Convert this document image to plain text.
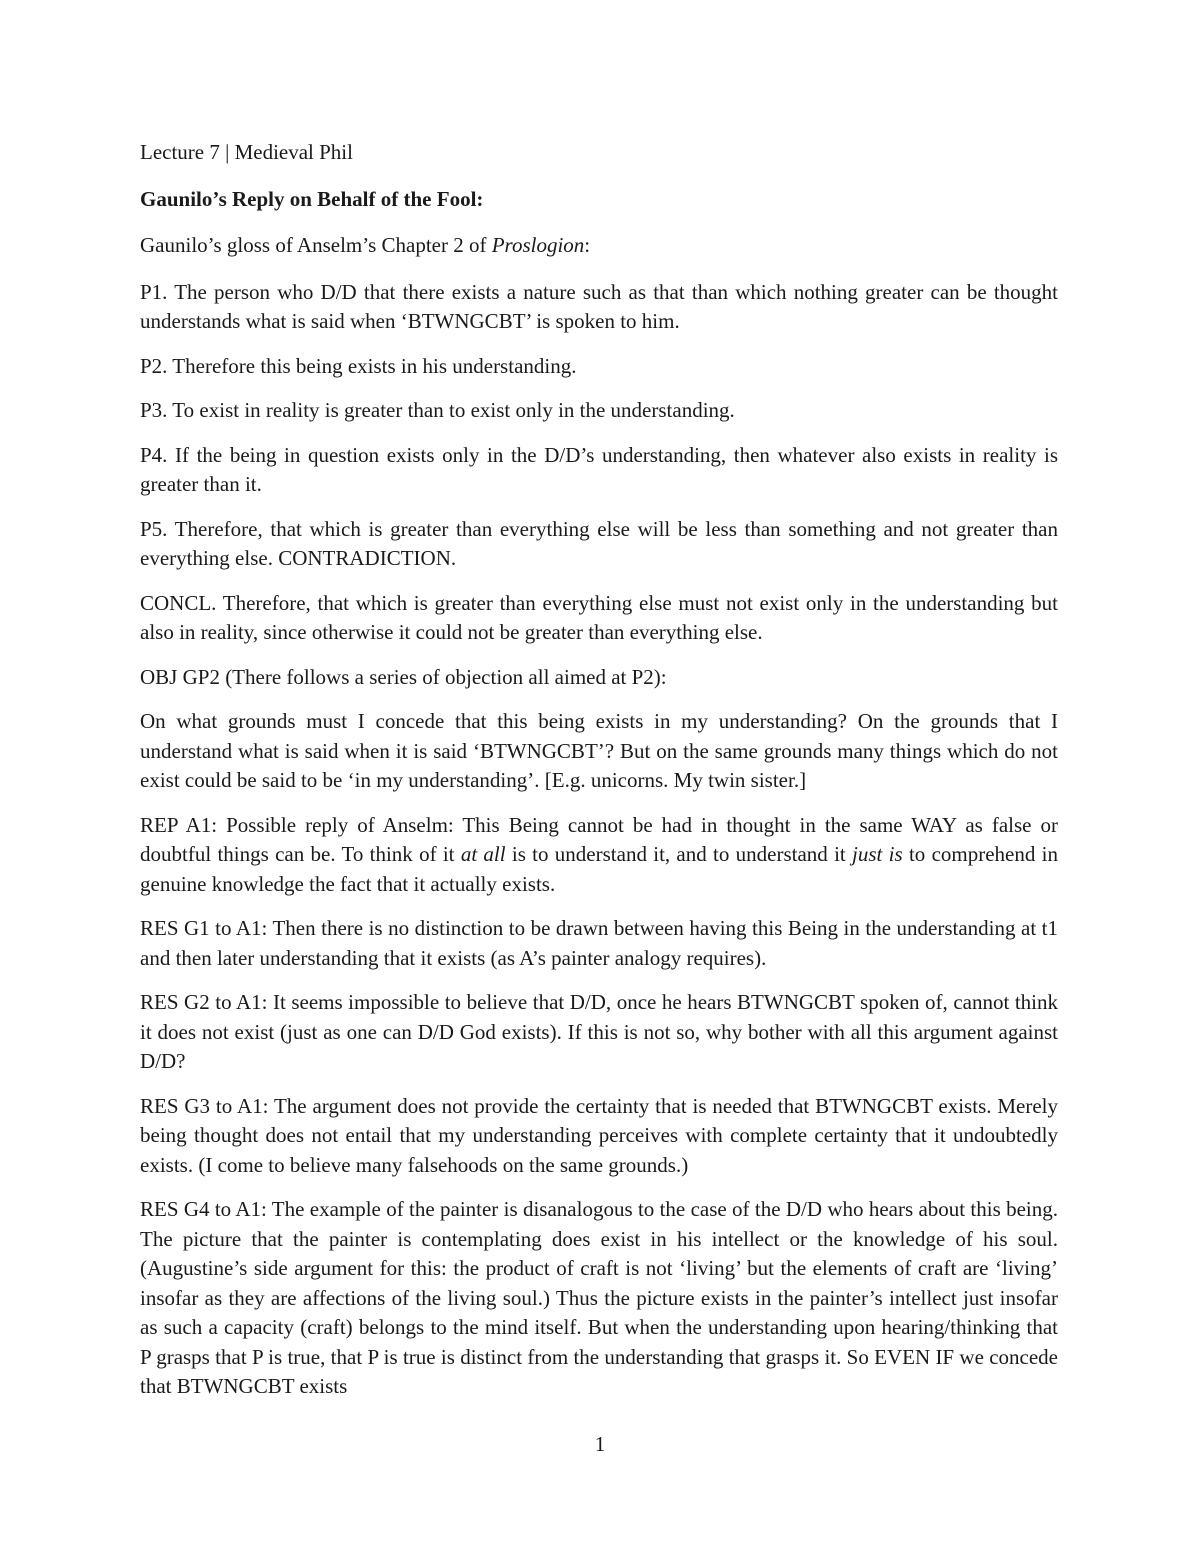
Lecture 7 | Medieval Phil

Gaunilo’s Reply on Behalf of the Fool:

Gaunilo’s gloss of Anselm’s Chapter 2 of Proslogion:

P1. The person who D/D that there exists a nature such as that than which nothing greater can be thought understands what is said when ‘BTWNGCBT’ is spoken to him.

P2. Therefore this being exists in his understanding.

P3. To exist in reality is greater than to exist only in the understanding.

P4. If the being in question exists only in the D/D’s understanding, then whatever also exists in reality is greater than it.

P5. Therefore, that which is greater than everything else will be less than something and not greater than everything else. CONTRADICTION.

CONCL. Therefore, that which is greater than everything else must not exist only in the understanding but also in reality, since otherwise it could not be greater than everything else.

OBJ GP2 (There follows a series of objection all aimed at P2):

On what grounds must I concede that this being exists in my understanding? On the grounds that I understand what is said when it is said ‘BTWNGCBT’? But on the same grounds many things which do not exist could be said to be ‘in my understanding’. [E.g. unicorns. My twin sister.]

REP A1: Possible reply of Anselm: This Being cannot be had in thought in the same WAY as false or doubtful things can be. To think of it at all is to understand it, and to understand it just is to comprehend in genuine knowledge the fact that it actually exists.

RES G1 to A1: Then there is no distinction to be drawn between having this Being in the understanding at t1 and then later understanding that it exists (as A’s painter analogy requires).

RES G2 to A1: It seems impossible to believe that D/D, once he hears BTWNGCBT spoken of, cannot think it does not exist (just as one can D/D God exists). If this is not so, why bother with all this argument against D/D?

RES G3 to A1: The argument does not provide the certainty that is needed that BTWNGCBT exists. Merely being thought does not entail that my understanding perceives with complete certainty that it undoubtedly exists. (I come to believe many falsehoods on the same grounds.)

RES G4 to A1: The example of the painter is disanalogous to the case of the D/D who hears about this being. The picture that the painter is contemplating does exist in his intellect or the knowledge of his soul. (Augustine’s side argument for this: the product of craft is not ‘living’ but the elements of craft are ‘living’ insofar as they are affections of the living soul.) Thus the picture exists in the painter’s intellect just insofar as such a capacity (craft) belongs to the mind itself. But when the understanding upon hearing/thinking that P grasps that P is true, that P is true is distinct from the understanding that grasps it. So EVEN IF we concede that BTWNGCBT exists

1
